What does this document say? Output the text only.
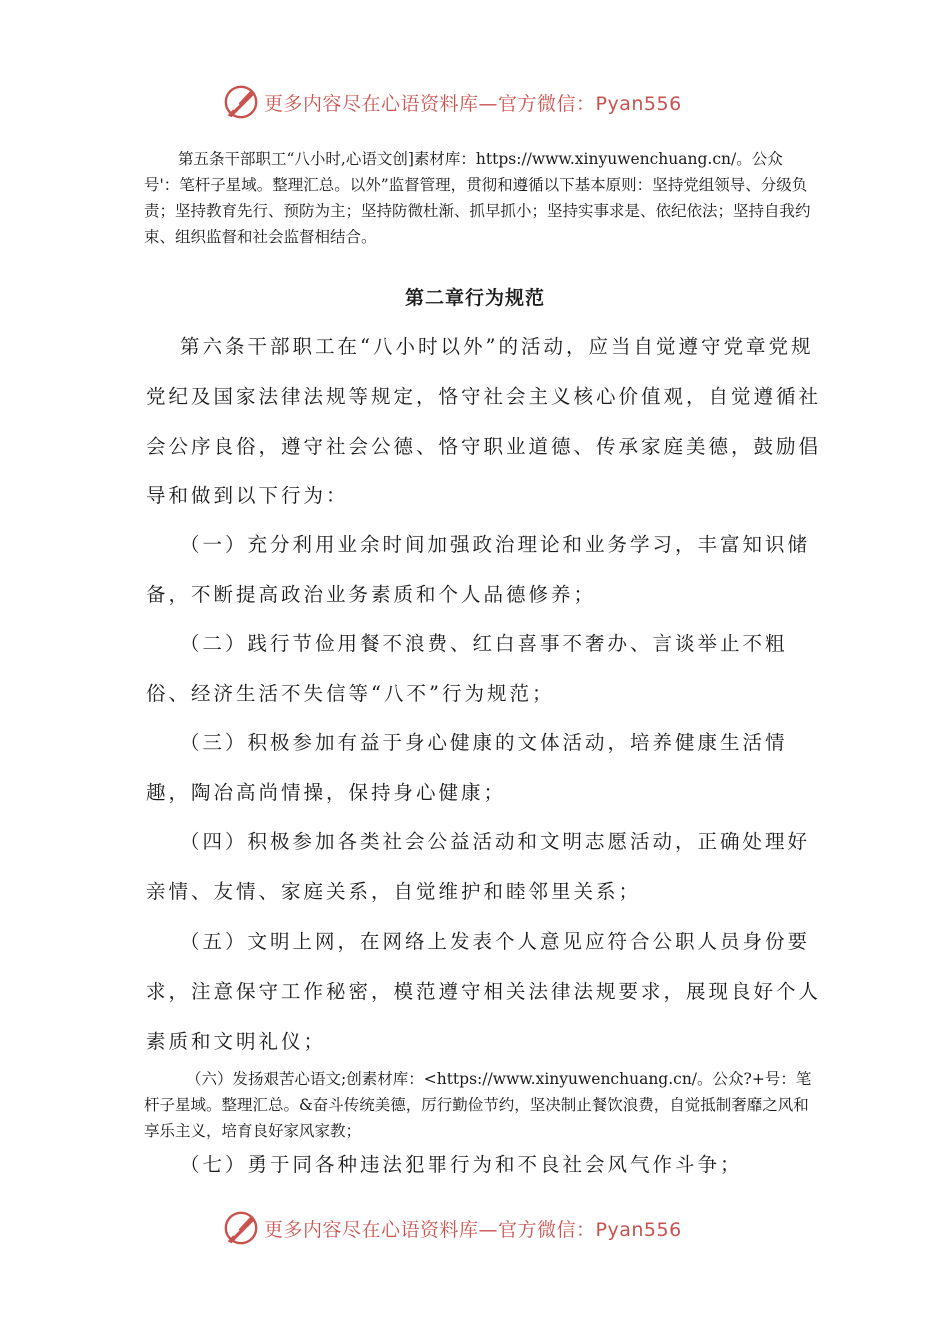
更多内容尽在心语资料库—官方微信：Pyan556
第五条干部职工“八小时,心语文创]素材库：https://www.xinyuwenchuang.cn/。公众号'：笔杆子星域。整理汇总。以外”监督管理，贯彻和遵循以下基本原则：坚持党组领导、分级负责；坚持教育先行、预防为主；坚持防微杜渐、抓早抓小；坚持实事求是、依纪依法；坚持自我约束、组织监督和社会监督相结合。
第二章行为规范
第六条干部职工在“八小时以外”的活动，应当自觉遵守党章党规党纪及国家法律法规等规定，恪守社会主义核心价值观，自觉遵循社会公序良俗，遵守社会公德、恪守职业道德、传承家庭美德，鼓励倡导和做到以下行为：
（一）充分利用业余时间加强政治理论和业务学习，丰富知识储备，不断提高政治业务素质和个人品德修养；
（二）践行节俭用餐不浪费、红白喜事不奢办、言谈举止不粗俗、经济生活不失信等“八不”行为规范；
（三）积极参加有益于身心健康的文体活动，培养健康生活情趣，陶冶高尚情操，保持身心健康；
（四）积极参加各类社会公益活动和文明志愿活动，正确处理好亲情、友情、家庭关系，自觉维护和睦邻里关系；
（五）文明上网，在网络上发表个人意见应符合公职人员身份要求，注意保守工作秘密，模范遵守相关法律法规要求，展现良好个人素质和文明礼仪；
（六）发扬艰苦心语文;创素材库：<https://www.xinyuwenchuang.cn/。公众?+号：笔杆子星域。整理汇总。&奋斗传统美德，厉行勤俭节约，坚决制止餐饮浪费，自觉抵制奢靡之风和享乐主义，培育良好家风家教；
（七）勇于同各种违法犯罪行为和不良社会风气作斗争；
更多内容尽在心语资料库—官方微信：Pyan556
